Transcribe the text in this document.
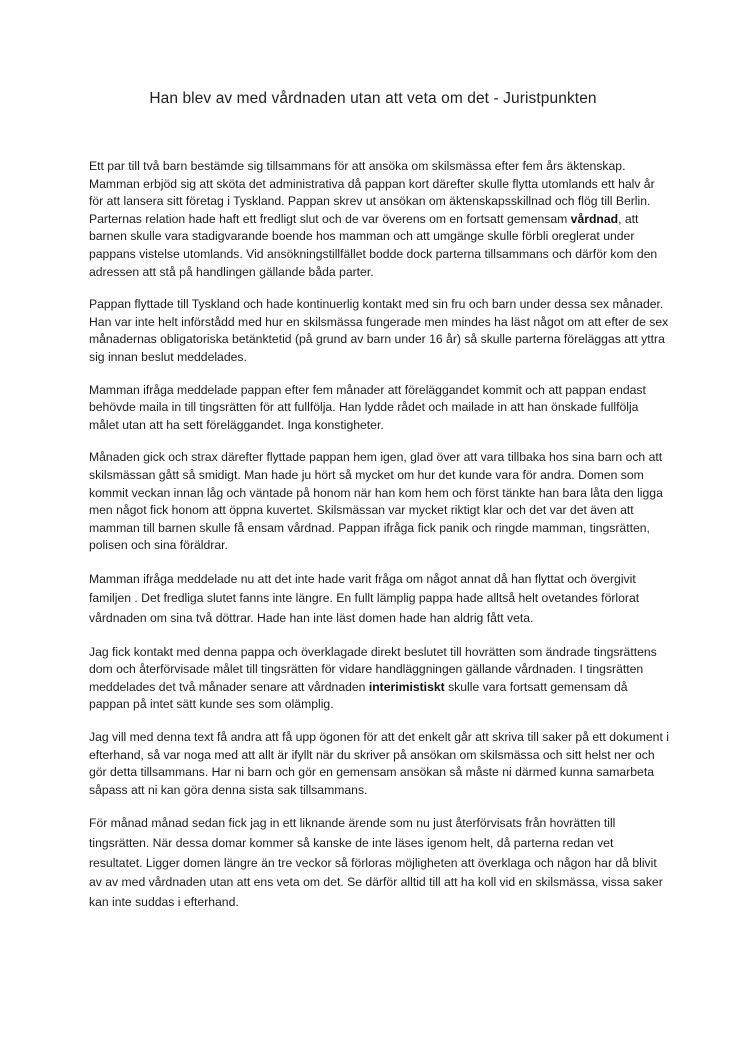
Han blev av med vårdnaden utan att veta om det - Juristpunkten

Ett par till två barn bestämde sig tillsammans för att ansöka om skilsmässa efter fem års äktenskap. Mamman erbjöd sig att sköta det administrativa då pappan kort därefter skulle flytta utomlands ett halv år för att lansera sitt företag i Tyskland. Pappan skrev ut ansökan om äktenskapsskillnad och flög till Berlin. Parternas relation hade haft ett fredligt slut och de var överens om en fortsatt gemensam vårdnad, att barnen skulle vara stadigvarande boende hos mamman och att umgänge skulle förbli oreglerat under pappans vistelse utomlands. Vid ansökningstillfället bodde dock parterna tillsammans och därför kom den adressen att stå på handlingen gällande båda parter.

Pappan flyttade till Tyskland och hade kontinuerlig kontakt med sin fru och barn under dessa sex månader. Han var inte helt införstådd med hur en skilsmässa fungerade men mindes ha läst något om att efter de sex månadernas obligatoriska betänktetid (på grund av barn under 16 år) så skulle parterna föreläggas att yttra sig innan beslut meddelades.

Mamman ifråga meddelade pappan efter fem månader att föreläggandet kommit och att pappan endast behövde maila in till tingsrätten för att fullfölja. Han lydde rådet och mailade in att han önskade fullfölja målet utan att ha sett föreläggandet. Inga konstigheter.

Månaden gick och strax därefter flyttade pappan hem igen, glad över att vara tillbaka hos sina barn och att skilsmässan gått så smidigt. Man hade ju hört så mycket om hur det kunde vara för andra. Domen som kommit veckan innan låg och väntade på honom när han kom hem och först tänkte han bara låta den ligga men något fick honom att öppna kuvertet. Skilsmässan var mycket riktigt klar och det var det även att mamman till barnen skulle få ensam vårdnad. Pappan ifråga fick panik och ringde mamman, tingsrätten, polisen och sina föräldrar.

Mamman ifråga meddelade nu att det inte hade varit fråga om något annat då han flyttat och övergivit familjen . Det fredliga slutet fanns inte längre. En fullt lämplig pappa hade alltså helt ovetandes förlorat vårdnaden om sina två döttrar. Hade han inte läst domen hade han aldrig fått veta.

Jag fick kontakt med denna pappa och överklagade direkt beslutet till hovrätten som ändrade tingsrättens dom och återförvisade målet till tingsrätten för vidare handläggningen gällande vårdnaden. I tingsrätten meddelades det två månader senare att vårdnaden interimistiskt skulle vara fortsatt gemensam då pappan på intet sätt kunde ses som olämplig.

Jag vill med denna text få andra att få upp ögonen för att det enkelt går att skriva till saker på ett dokument i efterhand, så var noga med att allt är ifyllt när du skriver på ansökan om skilsmässa och sitt helst ner och gör detta tillsammans. Har ni barn och gör en gemensam ansökan så måste ni därmed kunna samarbeta såpass att ni kan göra denna sista sak tillsammans.

För månad månad sedan fick jag in ett liknande ärende som nu just återförvisats från hovrätten till tingsrätten. När dessa domar kommer så kanske de inte läses igenom helt, då parterna redan vet resultatet. Ligger domen längre än tre veckor så förloras möjligheten att överklaga och någon har då blivit av av med vårdnaden utan att ens veta om det. Se därför alltid till att ha koll vid en skilsmässa, vissa saker kan inte suddas i efterhand.
